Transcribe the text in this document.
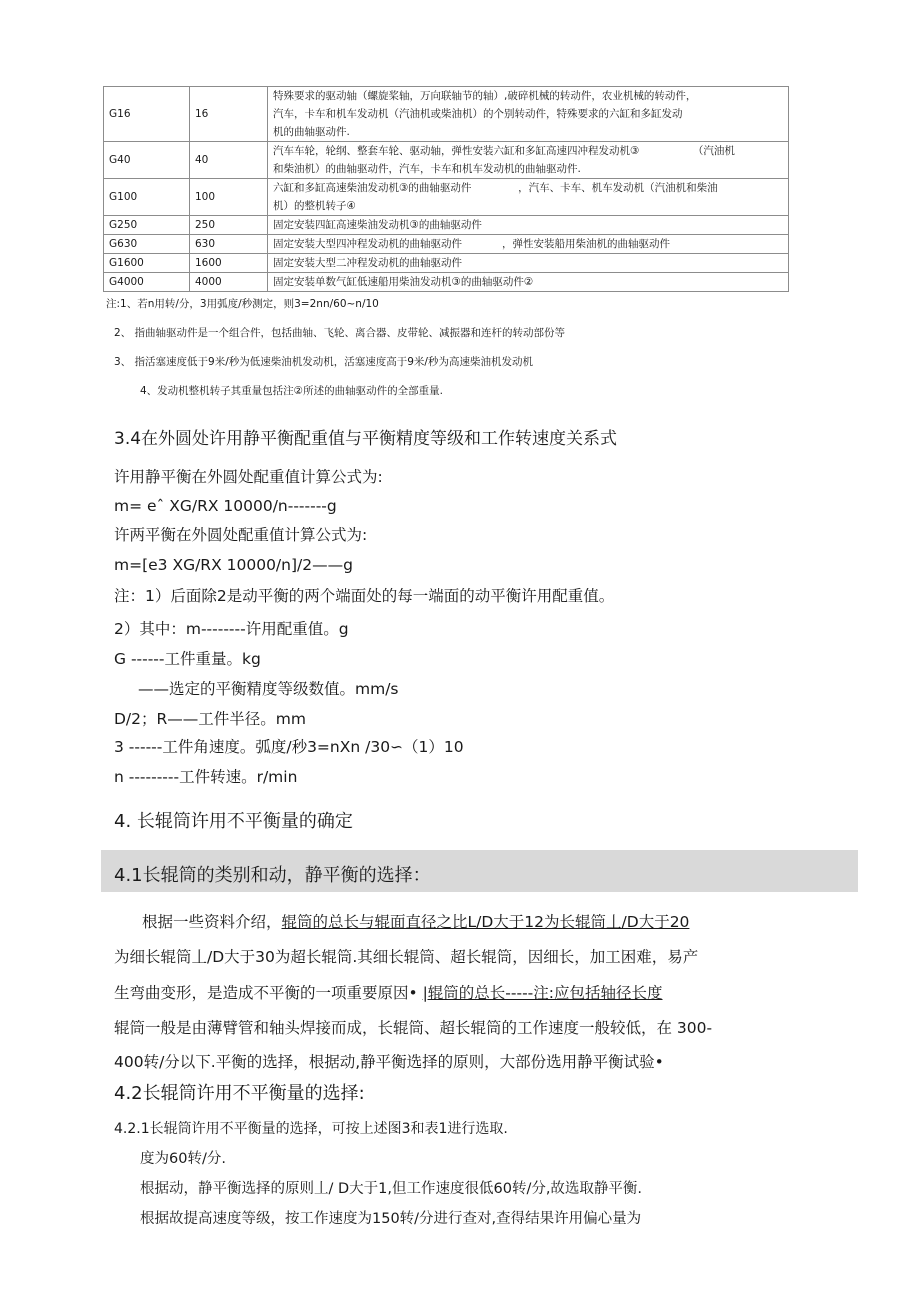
G16	16	特殊要求的驱动轴（螺旋桨轴，万向联轴节的轴）,破碎机械的转动件，农业机械的转动件，
汽车，卡车和机车发动机（汽油机或柴油机）的个别转动件，特殊要求的六缸和多缸发动
机的曲轴驱动件.

G40	40	汽车车轮，轮纲、整套车轮、驱动轴，弹性安装六缸和多缸高速四冲程发动机③                （汽油机
和柴油机）的曲轴驱动件，汽车，卡车和机车发动机的曲轴驱动件.

G100	100	六缸和多缸高速柴油发动机③的曲轴驱动件              ，汽车、卡车、机车发动机（汽油机和柴油
机）的整机转子④

G250	250	固定安装四缸高速柴油发动机③的曲轴驱动件

G630	630	固定安装大型四冲程发动机的曲轴驱动件            ，弹性安装船用柴油机的曲轴驱动件

G1600	1600	固定安装大型二冲程发动机的曲轴驱动件

G4000	4000	固定安装单数气缸低速船用柴油发动机③的曲轴驱动件②
注:1、若n用转/分，3用弧度/秒测定，则3=2nn/60~n/10
2、 指曲轴驱动件是一个组合件，包括曲轴、飞轮、离合器、皮带轮、减振器和连杆的转动部份等
3、 指活塞速度低于9米/秒为低速柴油机发动机，活塞速度高于9米/秒为高速柴油机发动机
4、发动机整机转子其重量包括注②所述的曲轴驱动件的全部重量.
3.4在外圆处许用静平衡配重值与平衡精度等级和工作转速度关系式
许用静平衡在外圆处配重值计算公式为:
m= eˆ XG/RX 10000/n-------g
许两平衡在外圆处配重值计算公式为:
m=[e3 XG/RX 10000/n]/2——g
注：1）后面除2是动平衡的两个端面处的每一端面的动平衡许用配重值。
2）其中：m--------许用配重值。g
G ------工件重量。kg
——选定的平衡精度等级数值。mm/s
D/2；R——工件半径。mm
3 ------工件角速度。弧度/秒3=nXn /30∽（1）10
n ---------工件转速。r/min
4. 长辊筒许用不平衡量的确定
4.1长辊筒的类别和动，静平衡的选择：
根据一些资料介绍，辊筒的总长与辊面直径之比L/D大于12为长辊筒丄/D大于20
为细长辊筒丄/D大于30为超长辊筒.其细长辊筒、超长辊筒，因细长，加工困难，易产
生弯曲变形，是造成不平衡的一项重要原因• |辊筒的总长-----注:应包括轴径长度
辊筒一般是由薄臂管和轴头焊接而成，长辊筒、超长辊筒的工作速度一般较低，在 300-
400转/分以下.平衡的选择，根据动,静平衡选择的原则，大部份选用静平衡试验•
4.2长辊筒许用不平衡量的选择:
4.2.1长辊筒许用不平衡量的选择，可按上述图3和表1进行选取.
度为60转/分.
根据动，静平衡选择的原则丄/ D大于1,但工作速度很低60转/分,故选取静平衡.
根据故提高速度等级，按工作速度为150转/分进行查对,查得结果许用偏心量为
